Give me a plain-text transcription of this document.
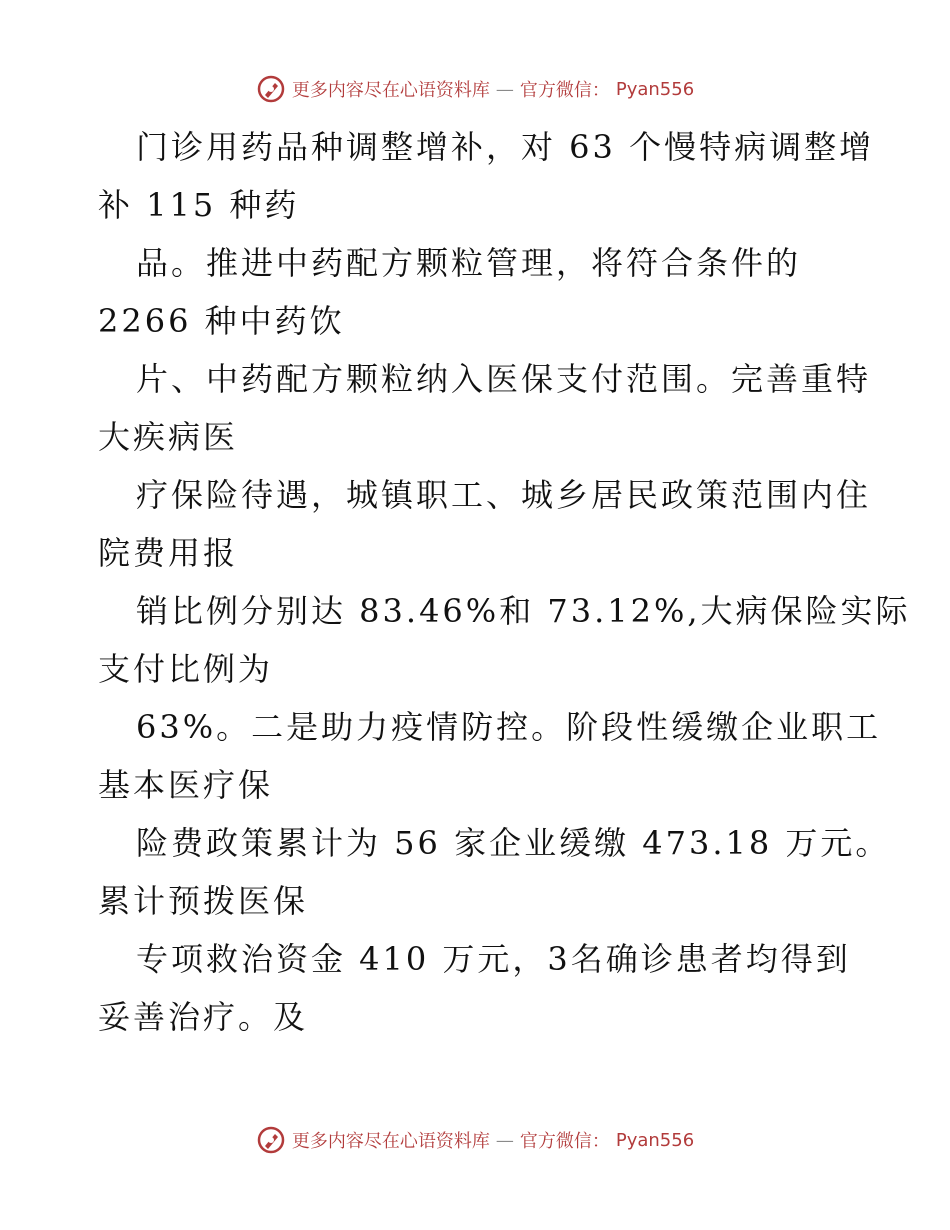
更多内容尽在心语资料库 — 官方微信： Pyan556
门诊用药品种调整增补，对 63 个慢特病调整增
补 115 种药
品。推进中药配方颗粒管理，将符合条件的
2266 种中药饮
片、中药配方颗粒纳入医保支付范围。完善重特
大疾病医
疗保险待遇，城镇职工、城乡居民政策范围内住
院费用报
销比例分别达 83.46%和 73.12%,大病保险实际
支付比例为
63%。二是助力疫情防控。阶段性缓缴企业职工
基本医疗保
险费政策累计为 56 家企业缓缴 473.18 万元。
累计预拨医保
专项救治资金 410 万元，3名确诊患者均得到
妥善治疗。及
更多内容尽在心语资料库 — 官方微信： Pyan556
